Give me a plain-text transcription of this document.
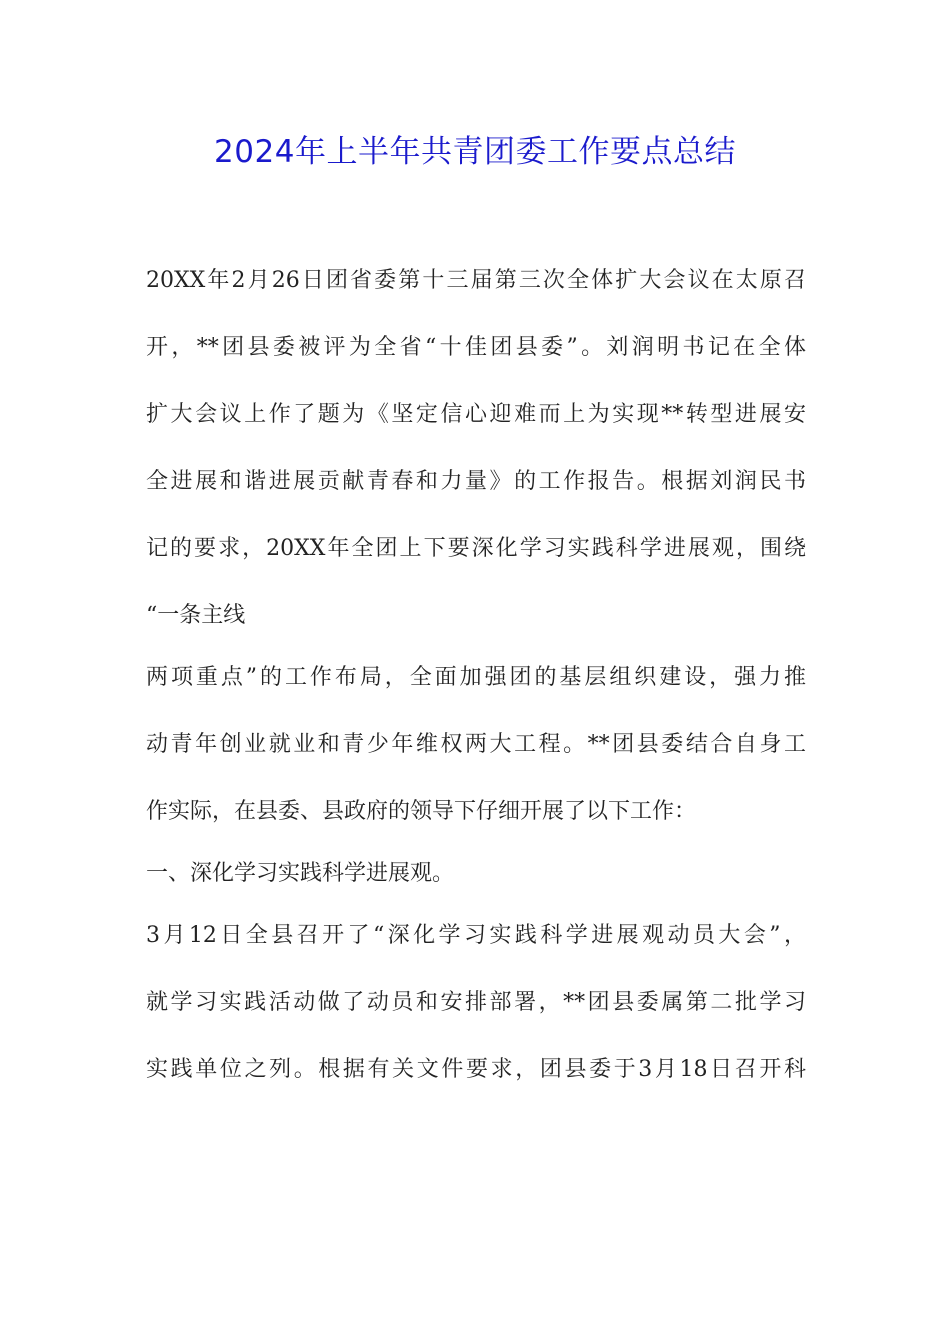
2024年上半年共青团委工作要点总结
20XX年2月26日团省委第十三届第三次全体扩大会议在太原召
开，**团县委被评为全省“十佳团县委”。刘润明书记在全体
扩大会议上作了题为《坚定信心迎难而上为实现**转型进展安
全进展和谐进展贡献青春和力量》的工作报告。根据刘润民书
记的要求，20XX年全团上下要深化学习实践科学进展观，围绕
“一条主线
两项重点”的工作布局，全面加强团的基层组织建设，强力推
动青年创业就业和青少年维权两大工程。**团县委结合自身工
作实际，在县委、县政府的领导下仔细开展了以下工作：
一、深化学习实践科学进展观。
3月12日全县召开了“深化学习实践科学进展观动员大会”，
就学习实践活动做了动员和安排部署，**团县委属第二批学习
实践单位之列。根据有关文件要求，团县委于3月18日召开科
